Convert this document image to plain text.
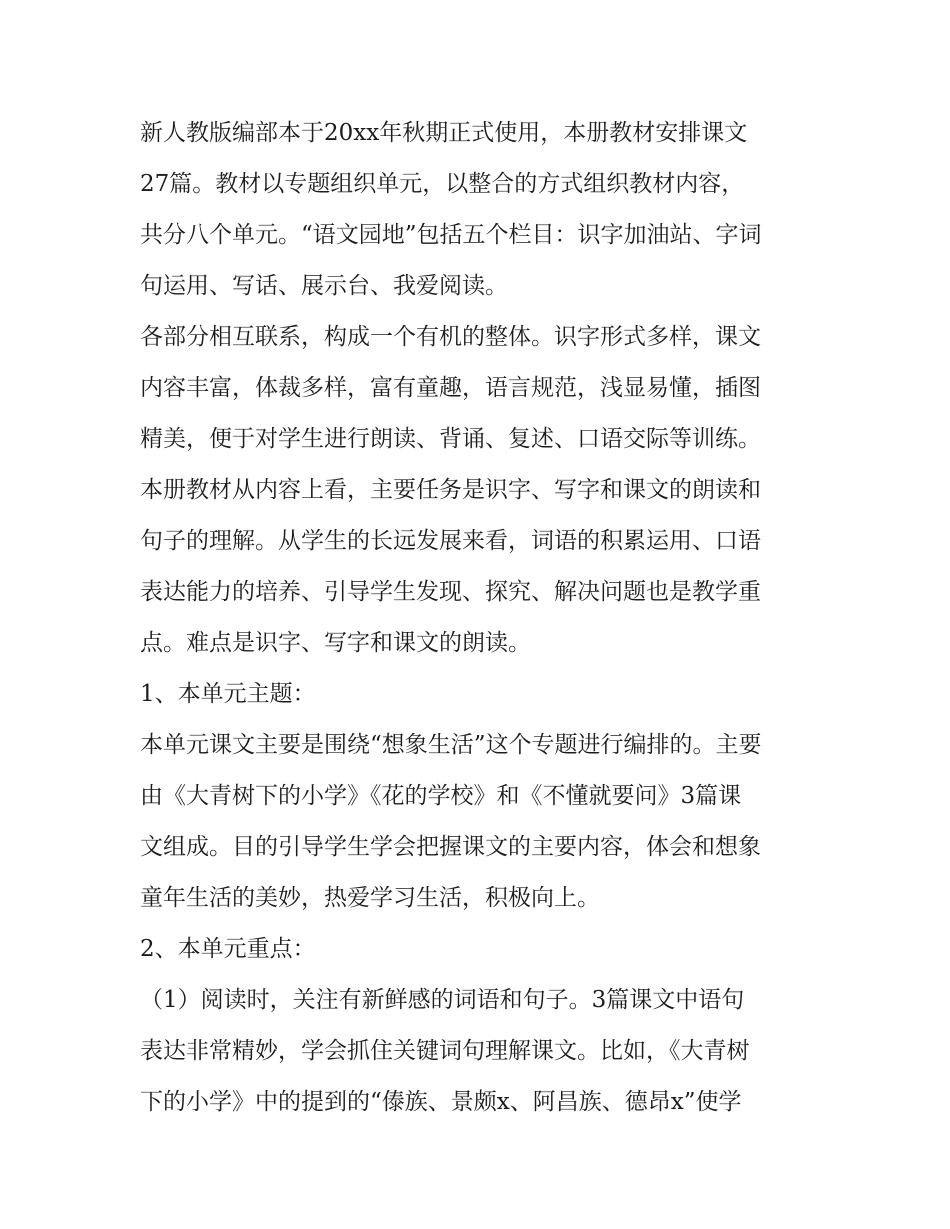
新人教版编部本于20xx年秋期正式使用，本册教材安排课文
27篇。教材以专题组织单元，以整合的方式组织教材内容，
共分八个单元。“语文园地”包括五个栏目：识字加油站、字词
句运用、写话、展示台、我爱阅读。
各部分相互联系，构成一个有机的整体。识字形式多样，课文
内容丰富，体裁多样，富有童趣，语言规范，浅显易懂，插图
精美，便于对学生进行朗读、背诵、复述、口语交际等训练。
本册教材从内容上看，主要任务是识字、写字和课文的朗读和
句子的理解。从学生的长远发展来看，词语的积累运用、口语
表达能力的培养、引导学生发现、探究、解决问题也是教学重
点。难点是识字、写字和课文的朗读。
1、本单元主题：
本单元课文主要是围绕“想象生活”这个专题进行编排的。主要
由《大青树下的小学》《花的学校》和《不懂就要问》3篇课
文组成。目的引导学生学会把握课文的主要内容，体会和想象
童年生活的美妙，热爱学习生活，积极向上。
2、本单元重点：
（1）阅读时，关注有新鲜感的词语和句子。3篇课文中语句
表达非常精妙，学会抓住关键词句理解课文。比如，《大青树
下的小学》中的提到的“傣族、景颇x、阿昌族、德昂x”使学
